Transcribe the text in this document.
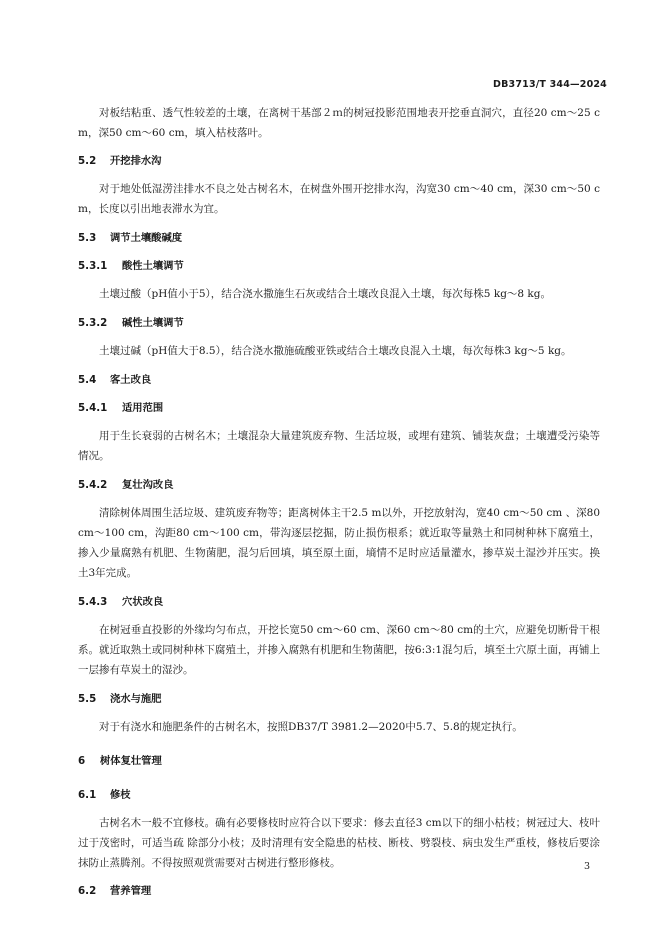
DB3713/T 344—2024

对板结粘重、透气性较差的土壤，在离树干基部２ｍ的树冠投影范围地表开挖垂直洞穴，直径20 cm～25 cm，深50 cm～60 cm，填入枯枝落叶。

5.2 开挖排水沟

对于地处低湿涝洼排水不良之处古树名木，在树盘外围开挖排水沟，沟宽30 cm～40 cm，深30 cm～50 cm，长度以引出地表滞水为宜。

5.3 调节土壤酸碱度
5.3.1 酸性土壤调节

土壤过酸（pH值小于5），结合浇水撒施生石灰或结合土壤改良混入土壤，每次每株5 kg～8 kg。

5.3.2 碱性土壤调节

土壤过碱（pH值大于8.5），结合浇水撒施硫酸亚铁或结合土壤改良混入土壤，每次每株3 kg～5 kg。

5.4 客土改良
5.4.1 适用范围

用于生长衰弱的古树名木；土壤混杂大量建筑废弃物、生活垃圾，或埋有建筑、铺装灰盘；土壤遭受污染等情况。

5.4.2 复壮沟改良

清除树体周围生活垃圾、建筑废弃物等；距离树体主干2.5 m以外，开挖放射沟，宽40 cm～50 cm 、深80 cm～100 cm，沟距80 cm～100 cm，带沟逐层挖掘，防止损伤根系；就近取等量熟土和同树种林下腐殖土，掺入少量腐熟有机肥、生物菌肥，混匀后回填，填至原土面，墒情不足时应适量灌水，掺草炭土湿沙并压实。换土3年完成。

5.4.3 穴状改良

在树冠垂直投影的外缘均匀布点，开挖长宽50 cm～60 cm、深60 cm～80 cm的土穴，应避免切断骨干根系。就近取熟土或同树种林下腐殖土，并掺入腐熟有机肥和生物菌肥，按6:3:1混匀后，填至土穴原土面，再铺上一层掺有草炭土的湿沙。

5.5 浇水与施肥

对于有浇水和施肥条件的古树名木，按照DB37/T 3981.2—2020中5.7、5.8的规定执行。

6 树体复壮管理
6.1 修枝

古树名木一般不宜修枝。确有必要修枝时应符合以下要求：修去直径3 cm以下的细小枯枝；树冠过大、枝叶过于茂密时，可适当疏 除部分小枝；及时清理有安全隐患的枯枝、断枝、劈裂枝、病虫发生严重枝，修枝后要涂抹防止蒸腾剂。不得按照观赏需要对古树进行整形修枝。

6.2 营养管理
3
